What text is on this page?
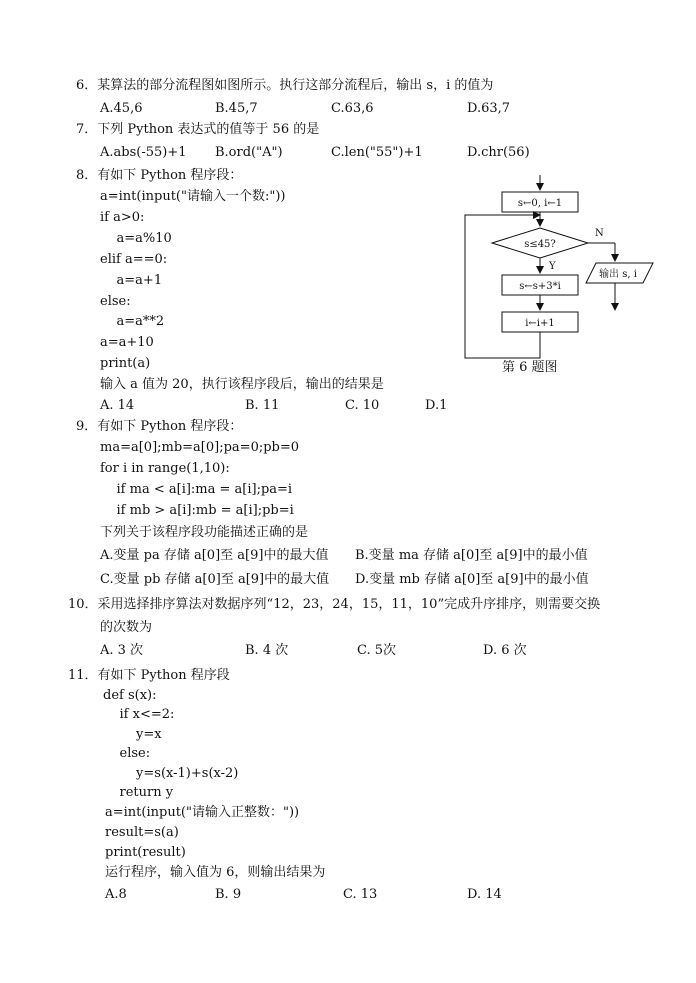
6．某算法的部分流程图如图所示。执行这部分流程后，输出 s，i 的值为
A.45,6	B.45,7	C.63,6	D.63,7
7．下列 Python 表达式的值等于 56 的是
A.abs(-55)+1 B.ord("A")	C.len("55")+1	D.chr(56)
8．有如下 Python 程序段：
a=int(input("请输入一个数:"))
if a>0:
a=a%10
elif a==0:
a=a+1
else:
a=a**2
a=a+10
print(a)
输入 a 值为 20，执行该程序段后，输出的结果是
A. 14	B. 11	C. 10	D.1
s←0, i←1
s≤45?
N
输出 s, i
Y
s←s+3*i
i←i+1
第 6 题图
9．有如下 Python 程序段：
ma=a[0];mb=a[0];pa=0;pb=0
for i in range(1,10):
if ma < a[i]:ma = a[i];pa=i
if mb > a[i]:mb = a[i];pb=i
下列关于该程序段功能描述正确的是
A.变量 pa 存储 a[0]至 a[9]中的最大值 B.变量 ma 存储 a[0]至 a[9]中的最小值
C.变量 pb 存储 a[0]至 a[9]中的最大值 D.变量 mb 存储 a[0]至 a[9]中的最小值
10．采用选择排序算法对数据序列“12，23，24，15，11，10”完成升序排序，则需要交换
的次数为
A. 3 次	B. 4 次	C. 5次	D. 6 次
11．有如下 Python 程序段
def s(x):
if x<=2:
y=x
else:
y=s(x-1)+s(x-2)
return y
a=int(input("请输入正整数："))
result=s(a)
print(result)
运行程序，输入值为 6，则输出结果为
A.8	B. 9	C. 13	D. 14
